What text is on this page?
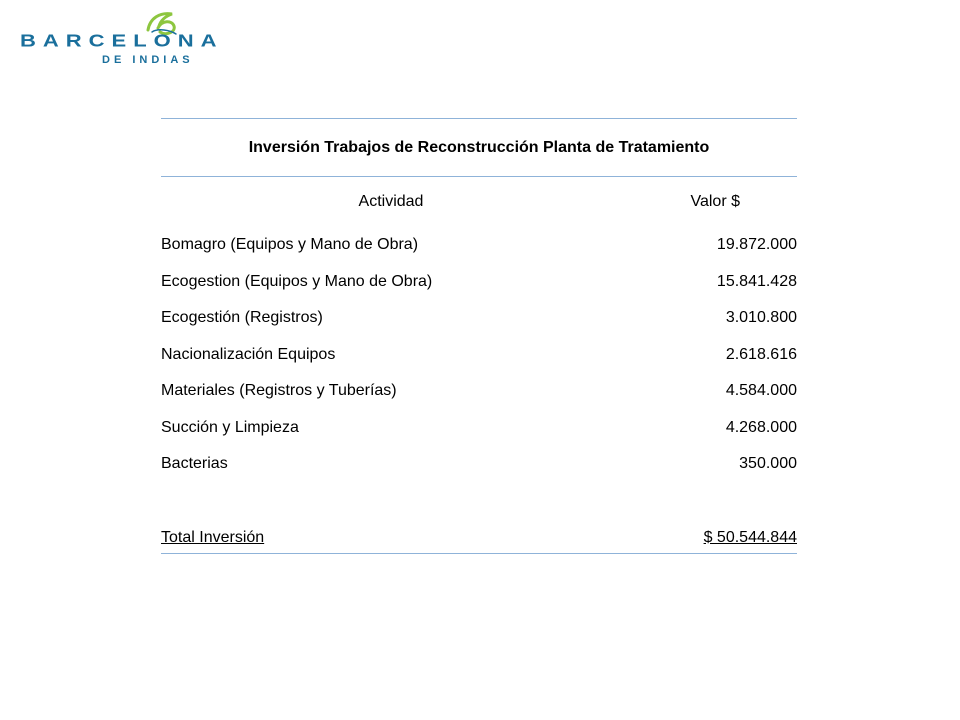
BARCELONA
DE INDIAS
Inversión Trabajos de Reconstrucción Planta de Tratamiento
Actividad	Valor $
Bomagro (Equipos y Mano de Obra)	19.872.000
Ecogestion (Equipos y Mano de Obra)	15.841.428
Ecogestión (Registros)	3.010.800
Nacionalización Equipos	2.618.616
Materiales (Registros y Tuberías)	4.584.000
Succión y Limpieza	4.268.000
Bacterias	350.000
Total Inversión	$ 50.544.844
